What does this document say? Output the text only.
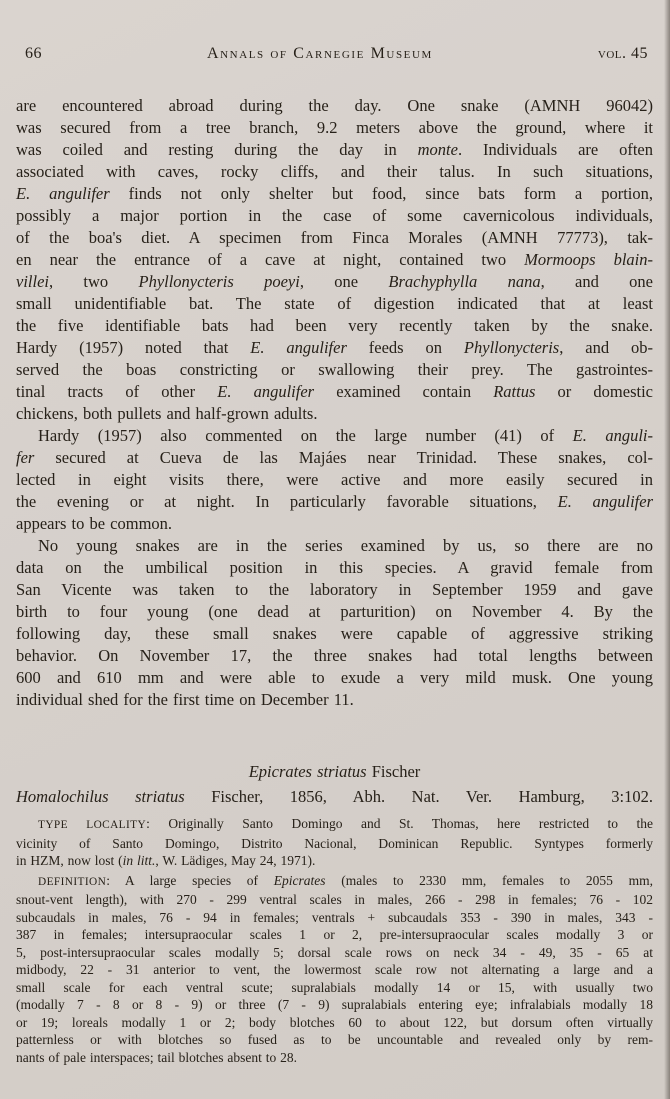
66	Annals of Carnegie Museum	vol. 45
are encountered abroad during the day. One snake (AMNH 96042)
was secured from a tree branch, 9.2 meters above the ground, where it
was coiled and resting during the day in monte. Individuals are often
associated with caves, rocky cliffs, and their talus. In such situations,
E. angulifer finds not only shelter but food, since bats form a portion,
possibly a major portion in the case of some cavernicolous individuals,
of the boa's diet. A specimen from Finca Morales (AMNH 77773), tak-
en near the entrance of a cave at night, contained two Mormoops blain-
villei, two Phyllonycteris poeyi, one Brachyphylla nana, and one
small unidentifiable bat. The state of digestion indicated that at least
the five identifiable bats had been very recently taken by the snake.
Hardy (1957) noted that E. angulifer feeds on Phyllonycteris, and ob-
served the boas constricting or swallowing their prey. The gastrointes-
tinal tracts of other E. angulifer examined contain Rattus or domestic
chickens, both pullets and half-grown adults.
Hardy (1957) also commented on the large number (41) of E. anguli-
fer secured at Cueva de las Majáes near Trinidad. These snakes, col-
lected in eight visits there, were active and more easily secured in
the evening or at night. In particularly favorable situations, E. angulifer
appears to be common.
No young snakes are in the series examined by us, so there are no
data on the umbilical position in this species. A gravid female from
San Vicente was taken to the laboratory in September 1959 and gave
birth to four young (one dead at parturition) on November 4. By the
following day, these small snakes were capable of aggressive striking
behavior. On November 17, the three snakes had total lengths between
600 and 610 mm and were able to exude a very mild musk. One young
individual shed for the first time on December 11.
Epicrates striatus Fischer
Homalochilus striatus Fischer, 1856, Abh. Nat. Ver. Hamburg, 3:102.
TYPE LOCALITY: Originally Santo Domingo and St. Thomas, here restricted to the
vicinity of Santo Domingo, Distrito Nacional, Dominican Republic. Syntypes formerly
in HZM, now lost (in litt., W. Lädiges, May 24, 1971).
DEFINITION: A large species of Epicrates (males to 2330 mm, females to 2055 mm,
snout-vent length), with 270 - 299 ventral scales in males, 266 - 298 in females; 76 - 102
subcaudals in males, 76 - 94 in females; ventrals + subcaudals 353 - 390 in males, 343 -
387 in females; intersupraocular scales 1 or 2, pre-intersupraocular scales modally 3 or
5, post-intersupraocular scales modally 5; dorsal scale rows on neck 34 - 49, 35 - 65 at
midbody, 22 - 31 anterior to vent, the lowermost scale row not alternating a large and a
small scale for each ventral scute; supralabials modally 14 or 15, with usually two
(modally 7 - 8 or 8 - 9) or three (7 - 9) supralabials entering eye; infralabials modally 18
or 19; loreals modally 1 or 2; body blotches 60 to about 122, but dorsum often virtually
patternless or with blotches so fused as to be uncountable and revealed only by rem-
nants of pale interspaces; tail blotches absent to 28.
